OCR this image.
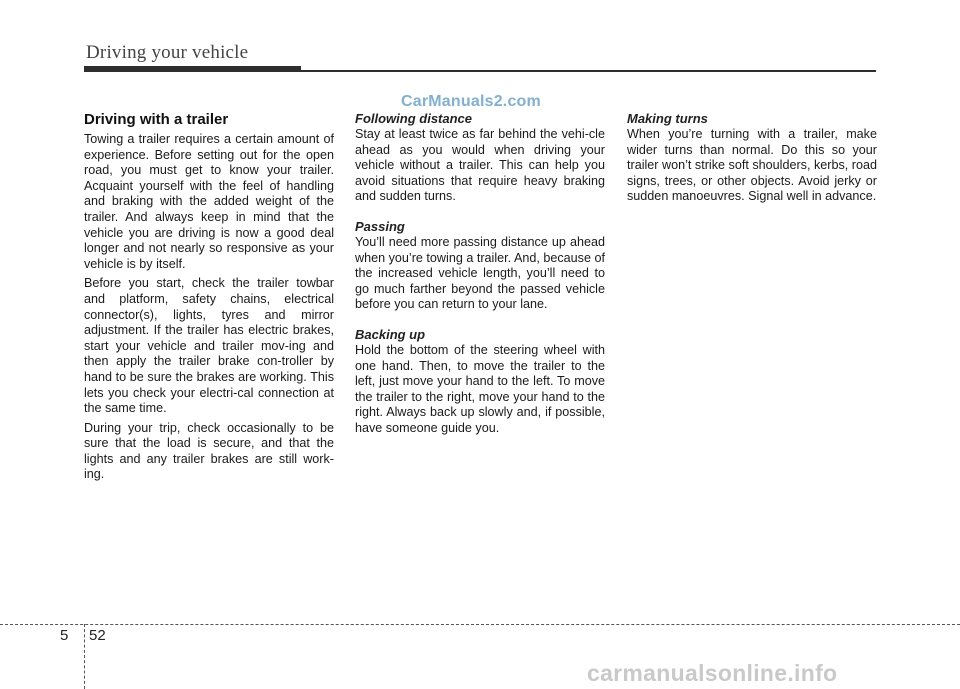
Driving your vehicle
CarManuals2.com
Driving with a trailer

Towing a trailer requires a certain amount of experience. Before setting out for the open road, you must get to know your trailer. Acquaint yourself with the feel of handling and braking with the added weight of the trailer. And always keep in mind that the vehicle you are driving is now a good deal longer and not nearly so responsive as your vehicle is by itself.

Before you start, check the trailer towbar and platform, safety chains, electrical connector(s), lights, tyres and mirror adjustment. If the trailer has electric brakes, start your vehicle and trailer mov-ing and then apply the trailer brake con-troller by hand to be sure the brakes are working. This lets you check your electri-cal connection at the same time.

During your trip, check occasionally to be sure that the load is secure, and that the lights and any trailer brakes are still work-ing.

Following distance

Stay at least twice as far behind the vehi-cle ahead as you would when driving your vehicle without a trailer. This can help you avoid situations that require heavy braking and sudden turns.

Passing

You’ll need more passing distance up ahead when you’re towing a trailer. And, because of the increased vehicle length, you’ll need to go much farther beyond the passed vehicle before you can return to your lane.

Backing up

Hold the bottom of the steering wheel with one hand. Then, to move the trailer to the left, just move your hand to the left. To move the trailer to the right, move your hand to the right. Always back up slowly and, if possible, have someone guide you.

Making turns

When you’re turning with a trailer, make wider turns than normal. Do this so your trailer won’t strike soft shoulders, kerbs, road signs, trees, or other objects. Avoid jerky or sudden manoeuvres. Signal well in advance.

5 52
carmanualsonline.info
